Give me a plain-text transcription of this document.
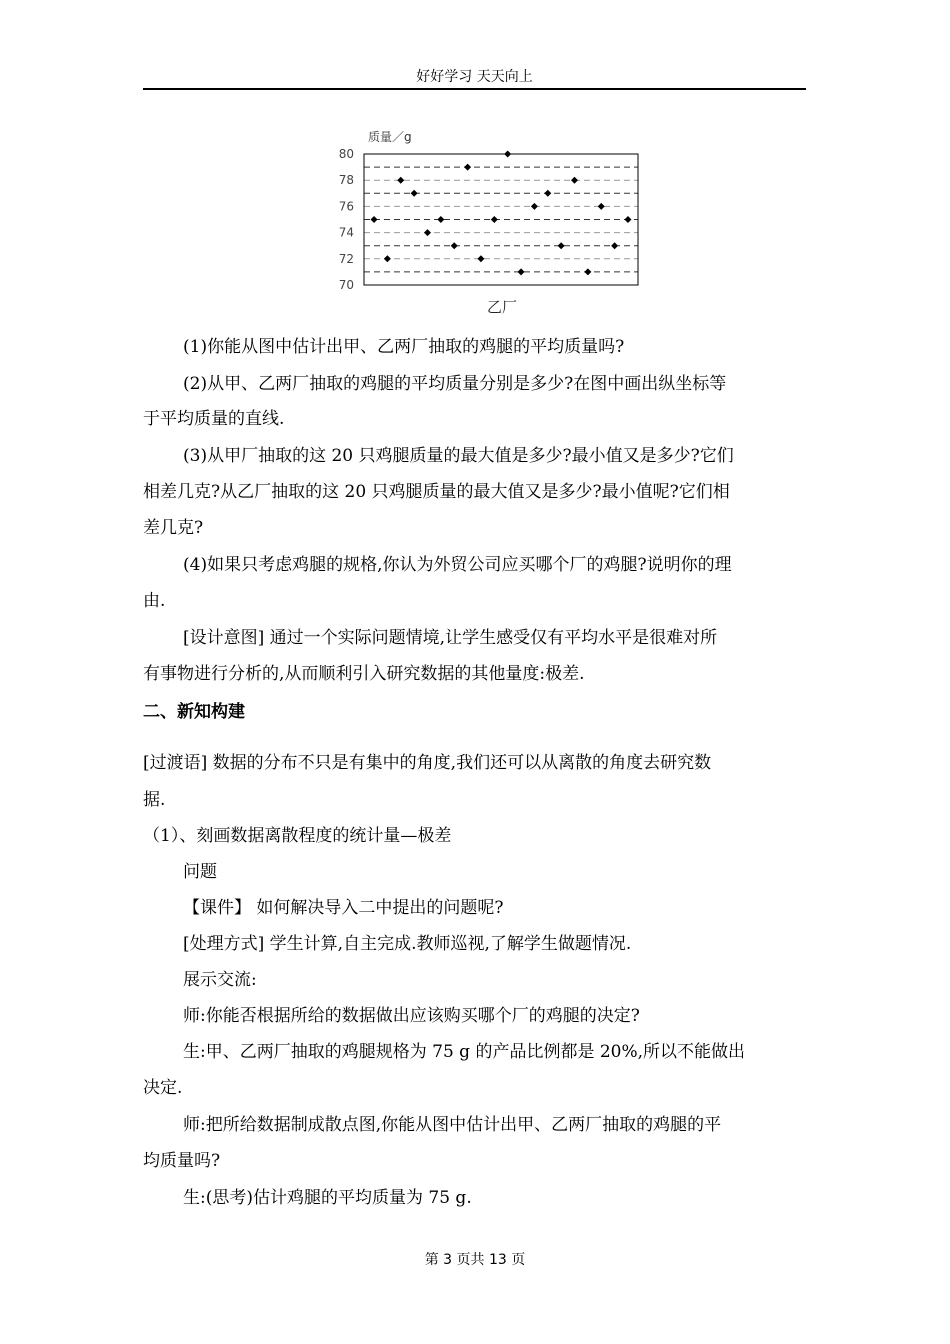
好好学习 天天向上
质量／g
80
78
76
74
72
70
乙厂
(1)你能从图中估计出甲、乙两厂抽取的鸡腿的平均质量吗?
(2)从甲、乙两厂抽取的鸡腿的平均质量分别是多少?在图中画出纵坐标等
于平均质量的直线.
(3)从甲厂抽取的这 20 只鸡腿质量的最大值是多少?最小值又是多少?它们
相差几克?从乙厂抽取的这 20 只鸡腿质量的最大值又是多少?最小值呢?它们相
差几克?
(4)如果只考虑鸡腿的规格,你认为外贸公司应买哪个厂的鸡腿?说明你的理
由.
[设计意图] 通过一个实际问题情境,让学生感受仅有平均水平是很难对所
有事物进行分析的,从而顺利引入研究数据的其他量度:极差.
二、新知构建
[过渡语] 数据的分布不只是有集中的角度,我们还可以从离散的角度去研究数
据.
（1）、刻画数据离散程度的统计量—极差
问题
【课件】 如何解决导入二中提出的问题呢?
[处理方式] 学生计算,自主完成.教师巡视,了解学生做题情况.
展示交流:
师:你能否根据所给的数据做出应该购买哪个厂的鸡腿的决定?
生:甲、乙两厂抽取的鸡腿规格为 75 g 的产品比例都是 20%,所以不能做出
决定.
师:把所给数据制成散点图,你能从图中估计出甲、乙两厂抽取的鸡腿的平
均质量吗?
生:(思考)估计鸡腿的平均质量为 75 g.
第 3 页共 13 页
